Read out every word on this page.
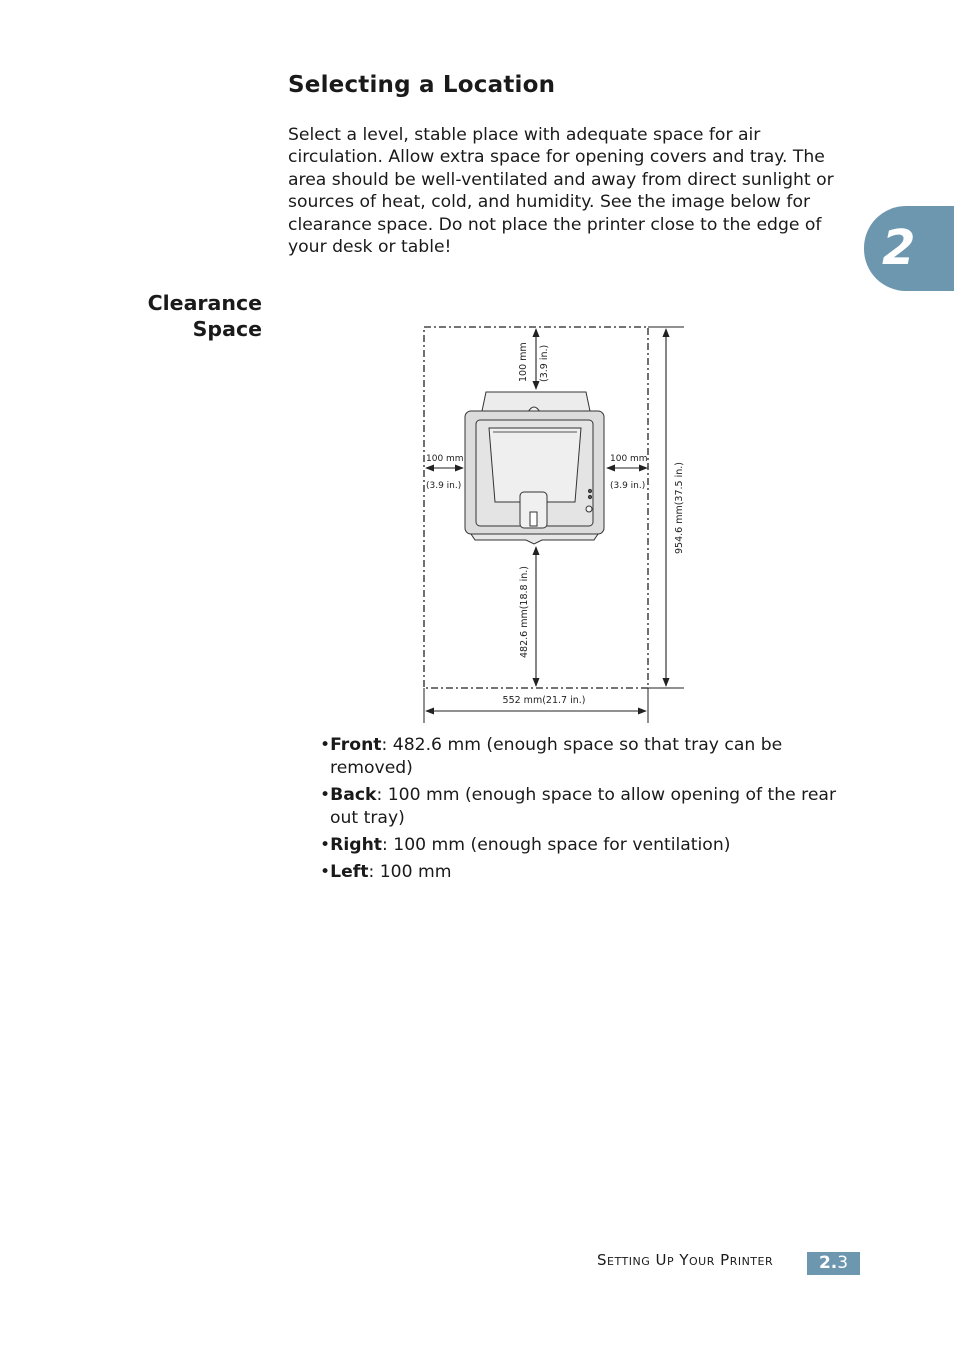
Selecting a Location

Select a level, stable place with adequate space for air circulation. Allow extra space for opening covers and tray. The area should be well-ventilated and away from direct sunlight or sources of heat, cold, and humidity. See the image below for clearance space. Do not place the printer close to the edge of your desk or table!

Clearance
Space
2
100 mm (3.9 in.)
100 mm
(3.9 in.)
100 mm
(3.9 in.)
482.6 mm(18.8 in.)
954.6 mm(37.5 in.)
552 mm(21.7 in.)
•Front: 482.6 mm (enough space so that tray can be removed)
•Back: 100 mm (enough space to allow opening of the rear out tray)
•Right: 100 mm (enough space for ventilation)
•Left: 100 mm
Setting Up Your Printer	2.3
